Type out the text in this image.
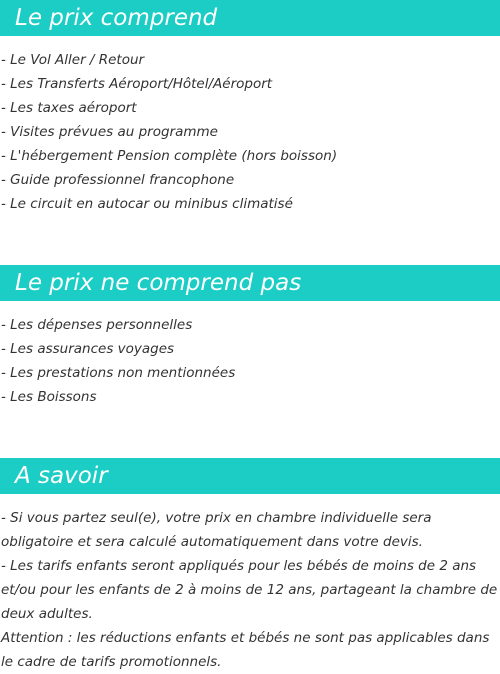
Le prix comprend
- Le Vol Aller / Retour
- Les Transferts Aéroport/Hôtel/Aéroport
- Les taxes aéroport
- Visites prévues au programme
- L'hébergement Pension complète (hors boisson)
- Guide professionnel francophone
- Le circuit en autocar ou minibus climatisé
Le prix ne comprend pas
- Les dépenses personnelles
- Les assurances voyages
- Les prestations non mentionnées
- Les Boissons
A savoir

- Si vous partez seul(e), votre prix en chambre individuelle sera obligatoire et sera calculé automatiquement dans votre devis.

- Les tarifs enfants seront appliqués pour les bébés de moins de 2 ans et/ou pour les enfants de 2 à moins de 12 ans, partageant la chambre de deux adultes.

Attention : les réductions enfants et bébés ne sont pas applicables dans le cadre de tarifs promotionnels.
